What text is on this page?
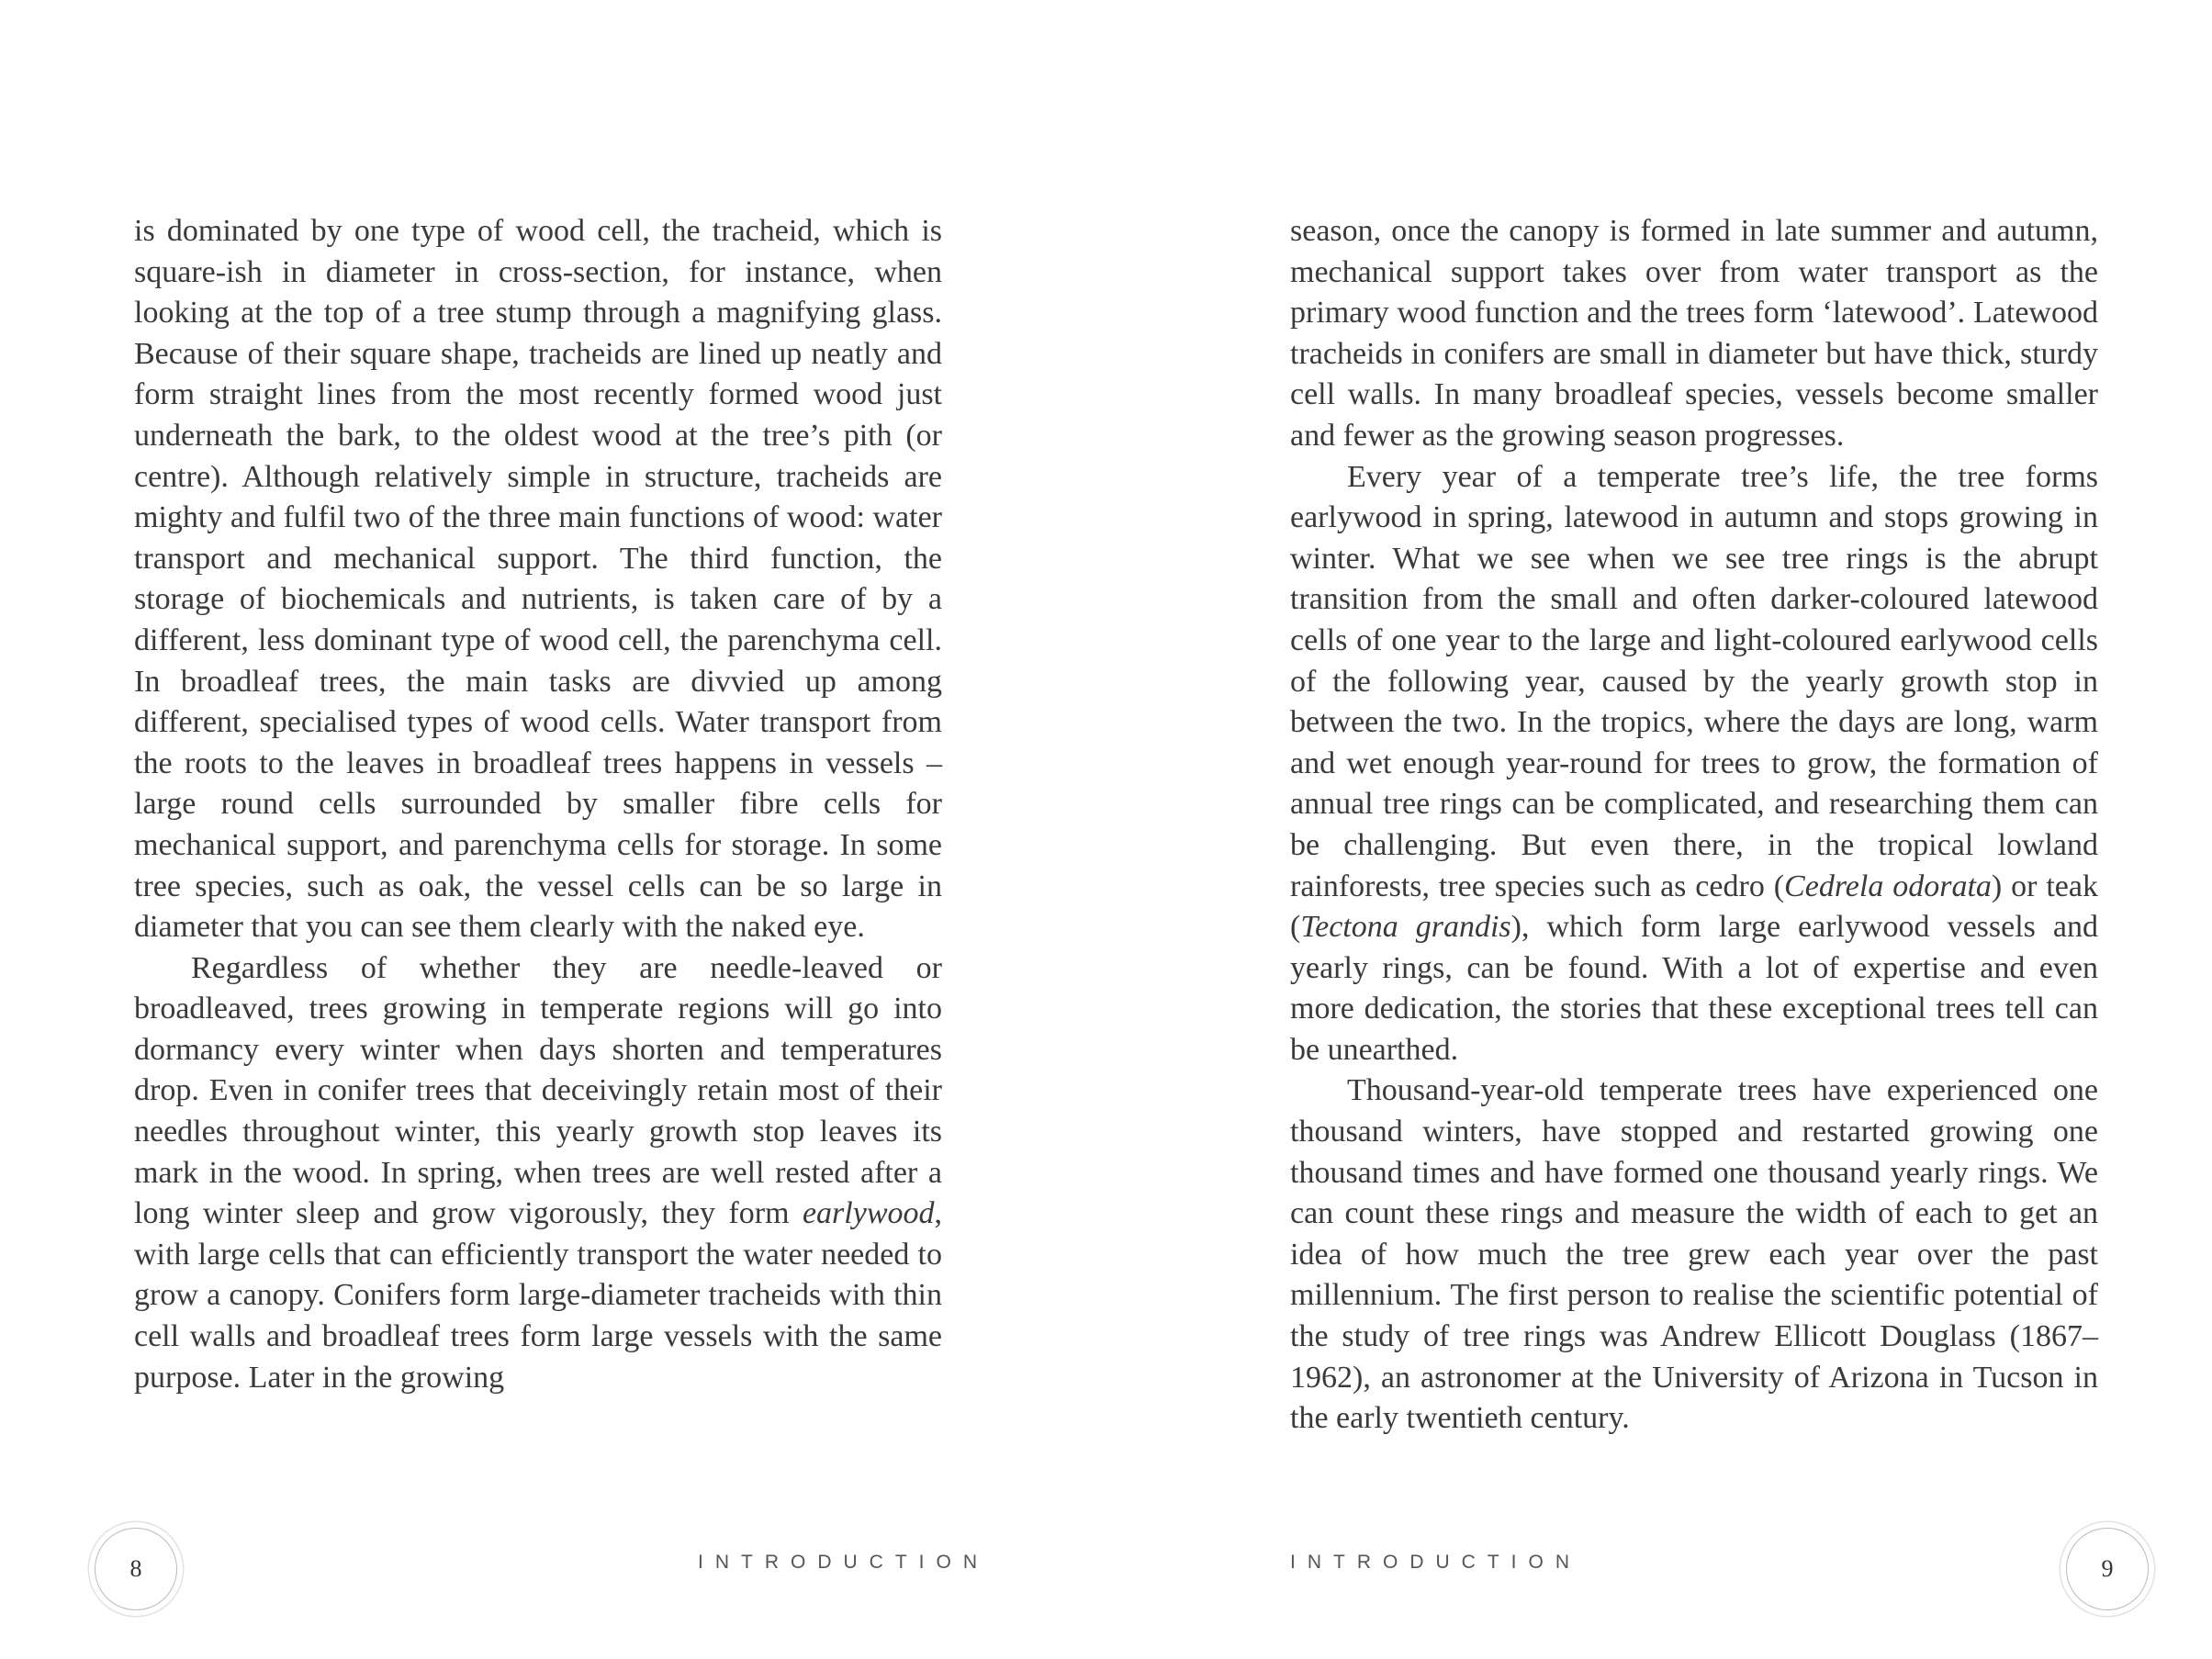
is dominated by one type of wood cell, the tracheid, which is square-ish in diameter in cross-section, for instance, when looking at the top of a tree stump through a magnifying glass. Because of their square shape, tracheids are lined up neatly and form straight lines from the most recently formed wood just underneath the bark, to the oldest wood at the tree’s pith (or centre). Although relatively simple in structure, tracheids are mighty and fulfil two of the three main functions of wood: water transport and mechanical support. The third function, the storage of biochemicals and nutrients, is taken care of by a different, less dominant type of wood cell, the parenchyma cell. In broadleaf trees, the main tasks are divvied up among different, specialised types of wood cells. Water transport from the roots to the leaves in broadleaf trees happens in vessels – large round cells surrounded by smaller fibre cells for mechanical support, and parenchyma cells for storage. In some tree species, such as oak, the vessel cells can be so large in diameter that you can see them clearly with the naked eye.

Regardless of whether they are needle-leaved or broadleaved, trees growing in temperate regions will go into dormancy every winter when days shorten and temperatures drop. Even in conifer trees that deceivingly retain most of their needles throughout winter, this yearly growth stop leaves its mark in the wood. In spring, when trees are well rested after a long winter sleep and grow vigorously, they form earlywood, with large cells that can efficiently transport the water needed to grow a canopy. Conifers form large-diameter tracheids with thin cell walls and broadleaf trees form large vessels with the same purpose. Later in the growing

8	INTRODUCTION

season, once the canopy is formed in late summer and autumn, mechanical support takes over from water transport as the primary wood function and the trees form ‘latewood’. Latewood tracheids in conifers are small in diameter but have thick, sturdy cell walls. In many broadleaf species, vessels become smaller and fewer as the growing season progresses.

Every year of a temperate tree’s life, the tree forms earlywood in spring, latewood in autumn and stops growing in winter. What we see when we see tree rings is the abrupt transition from the small and often darker-coloured latewood cells of one year to the large and light-coloured earlywood cells of the following year, caused by the yearly growth stop in between the two. In the tropics, where the days are long, warm and wet enough year-round for trees to grow, the formation of annual tree rings can be complicated, and researching them can be challenging. But even there, in the tropical lowland rainforests, tree species such as cedro (Cedrela odorata) or teak (Tectona grandis), which form large earlywood vessels and yearly rings, can be found. With a lot of expertise and even more dedication, the stories that these exceptional trees tell can be unearthed.

Thousand-year-old temperate trees have experienced one thousand winters, have stopped and restarted growing one thousand times and have formed one thousand yearly rings. We can count these rings and measure the width of each to get an idea of how much the tree grew each year over the past millennium. The first person to realise the scientific potential of the study of tree rings was Andrew Ellicott Douglass (1867–1962), an astronomer at the University of Arizona in Tucson in the early twentieth century.

INTRODUCTION	9
